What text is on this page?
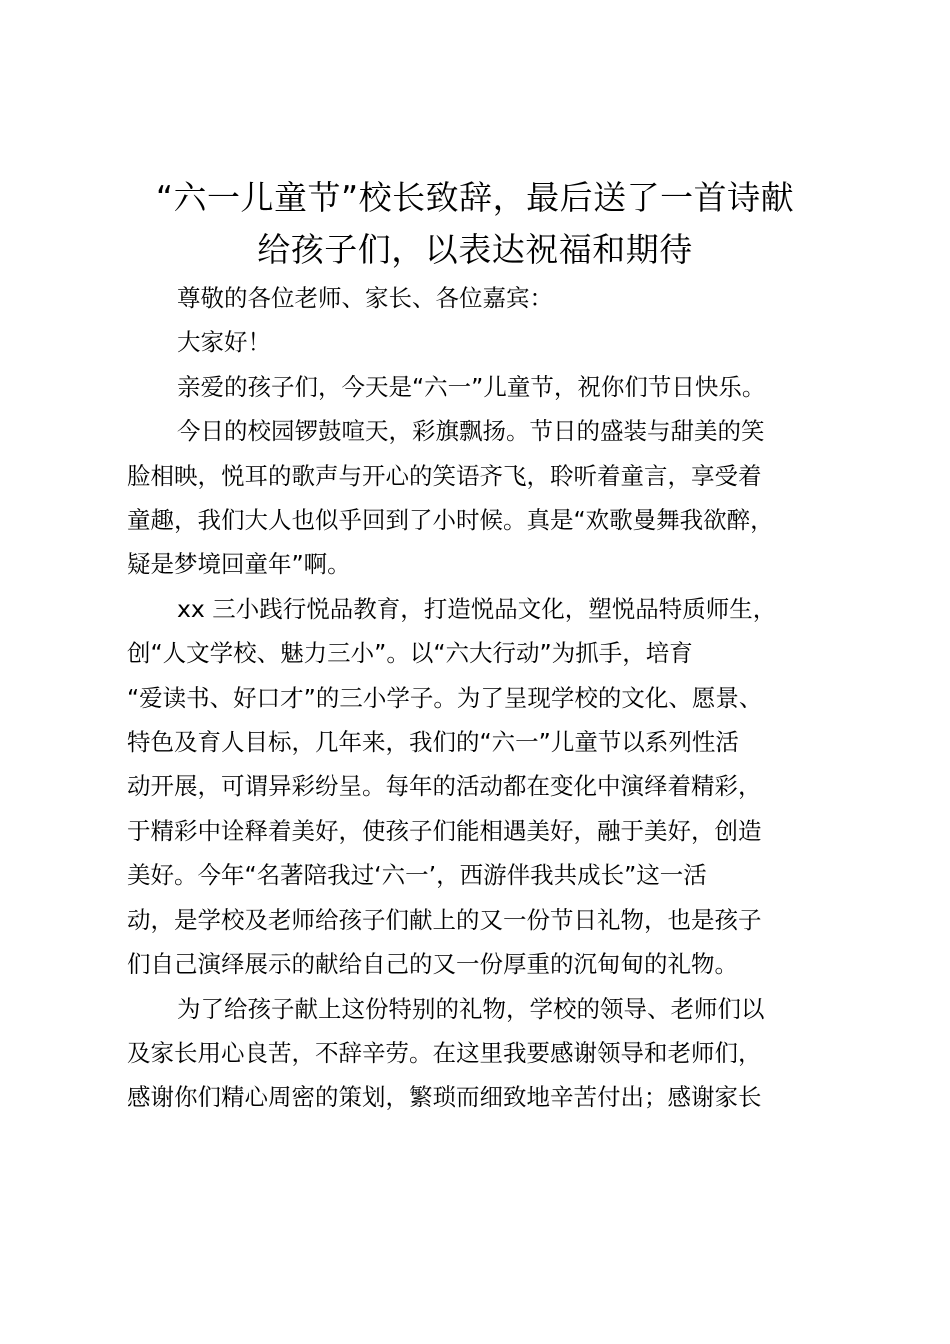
“六一儿童节”校长致辞，最后送了一首诗献
给孩子们，以表达祝福和期待

尊敬的各位老师、家长、各位嘉宾：

大家好！

亲爱的孩子们，今天是“六一”儿童节，祝你们节日快乐。

今日的校园锣鼓喧天，彩旗飘扬。节日的盛装与甜美的笑
脸相映，悦耳的歌声与开心的笑语齐飞，聆听着童言，享受着
童趣，我们大人也似乎回到了小时候。真是“欢歌曼舞我欲醉，
疑是梦境回童年”啊。

xx 三小践行悦品教育，打造悦品文化，塑悦品特质师生，
创“人文学校、魅力三小”。以“六大行动”为抓手，培育
“爱读书、好口才”的三小学子。为了呈现学校的文化、愿景、
特色及育人目标，几年来，我们的“六一”儿童节以系列性活
动开展，可谓异彩纷呈。每年的活动都在变化中演绎着精彩，
于精彩中诠释着美好，使孩子们能相遇美好，融于美好，创造
美好。今年“名著陪我过‘六一’，西游伴我共成长”这一活
动，是学校及老师给孩子们献上的又一份节日礼物，也是孩子
们自己演绎展示的献给自己的又一份厚重的沉甸甸的礼物。

为了给孩子献上这份特别的礼物，学校的领导、老师们以
及家长用心良苦，不辞辛劳。在这里我要感谢领导和老师们，
感谢你们精心周密的策划，繁琐而细致地辛苦付出；感谢家长
